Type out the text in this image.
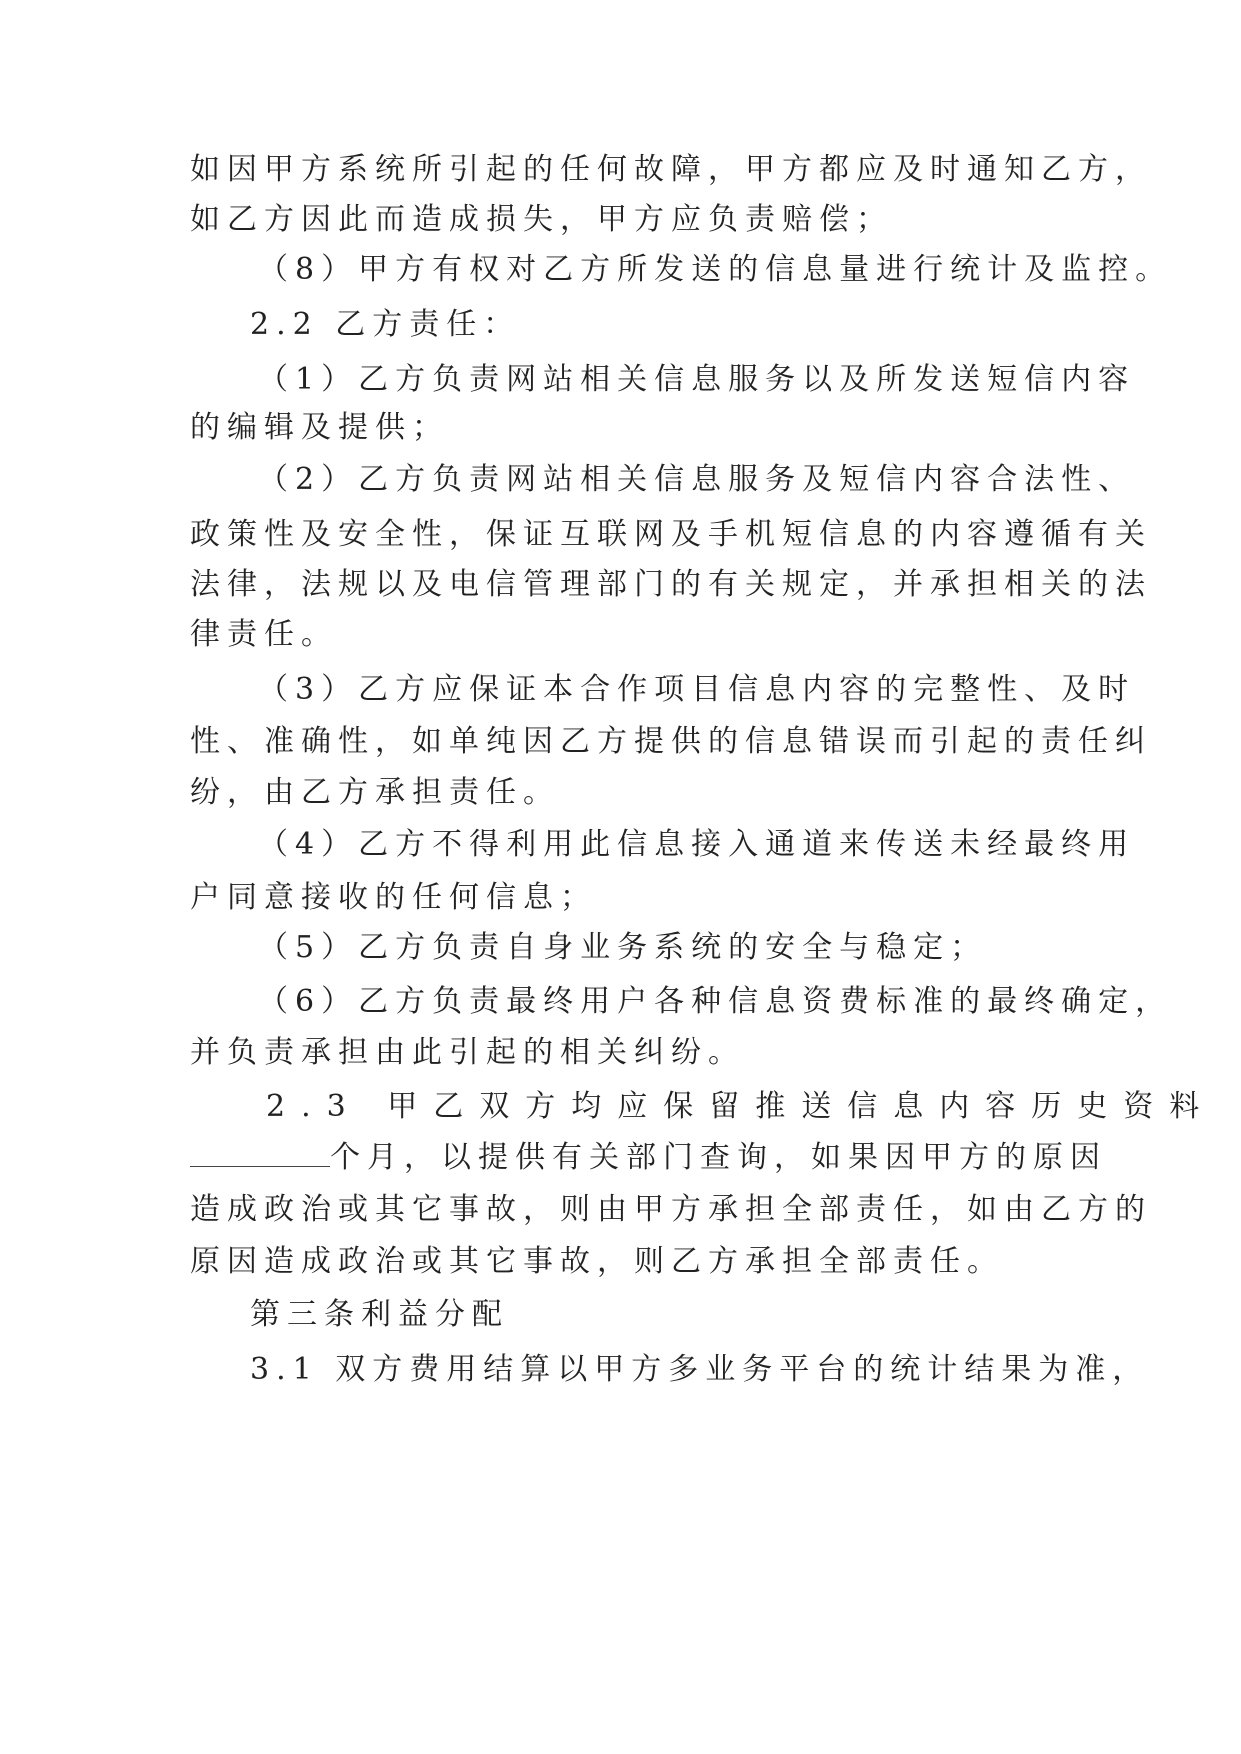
如因甲方系统所引起的任何故障，甲方都应及时通知乙方，
如乙方因此而造成损失，甲方应负责赔偿；
（8）甲方有权对乙方所发送的信息量进行统计及监控。
2.2 乙方责任：
（1）乙方负责网站相关信息服务以及所发送短信内容
的编辑及提供；
（2）乙方负责网站相关信息服务及短信内容合法性、
政策性及安全性，保证互联网及手机短信息的内容遵循有关
法律，法规以及电信管理部门的有关规定，并承担相关的法
律责任。
（3）乙方应保证本合作项目信息内容的完整性、及时
性、准确性，如单纯因乙方提供的信息错误而引起的责任纠
纷，由乙方承担责任。
（4）乙方不得利用此信息接入通道来传送未经最终用
户同意接收的任何信息；
（5）乙方负责自身业务系统的安全与稳定；
（6）乙方负责最终用户各种信息资费标准的最终确定，
并负责承担由此引起的相关纠纷。
2.3 甲乙双方均应保留推送信息内容历史资料
个月，以提供有关部门查询，如果因甲方的原因
造成政治或其它事故，则由甲方承担全部责任，如由乙方的
原因造成政治或其它事故，则乙方承担全部责任。
第三条利益分配
3.1 双方费用结算以甲方多业务平台的统计结果为准，
